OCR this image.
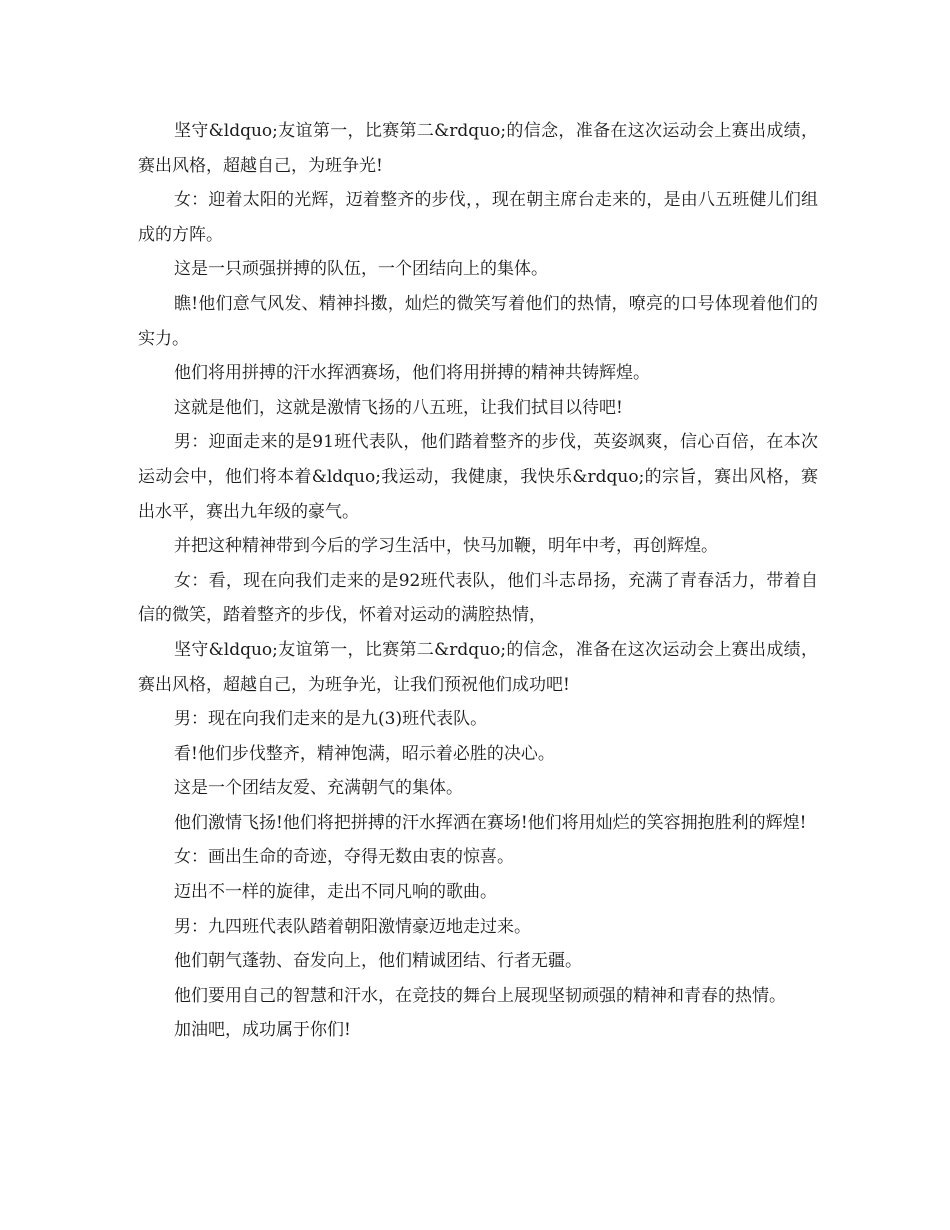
坚守&ldquo;友谊第一，比赛第二&rdquo;的信念，准备在这次运动会上赛出成绩，赛出风格，超越自己，为班争光!

女：迎着太阳的光辉，迈着整齐的步伐，，现在朝主席台走来的，是由八五班健儿们组成的方阵。

这是一只顽强拼搏的队伍，一个团结向上的集体。

瞧!他们意气风发、精神抖擞，灿烂的微笑写着他们的热情，嘹亮的口号体现着他们的实力。

他们将用拼搏的汗水挥洒赛场，他们将用拼搏的精神共铸辉煌。

这就是他们，这就是激情飞扬的八五班，让我们拭目以待吧!

男：迎面走来的是91班代表队，他们踏着整齐的步伐，英姿飒爽，信心百倍，在本次运动会中，他们将本着&ldquo;我运动，我健康，我快乐&rdquo;的宗旨，赛出风格，赛出水平，赛出九年级的豪气。

并把这种精神带到今后的学习生活中，快马加鞭，明年中考，再创辉煌。

女：看，现在向我们走来的是92班代表队，他们斗志昂扬，充满了青春活力，带着自信的微笑，踏着整齐的步伐，怀着对运动的满腔热情，

坚守&ldquo;友谊第一，比赛第二&rdquo;的信念，准备在这次运动会上赛出成绩，赛出风格，超越自己，为班争光，让我们预祝他们成功吧!

男：现在向我们走来的是九(3)班代表队。

看!他们步伐整齐，精神饱满，昭示着必胜的决心。

这是一个团结友爱、充满朝气的集体。

他们激情飞扬!他们将把拼搏的汗水挥洒在赛场!他们将用灿烂的笑容拥抱胜利的辉煌!

女：画出生命的奇迹，夺得无数由衷的惊喜。

迈出不一样的旋律，走出不同凡响的歌曲。

男：九四班代表队踏着朝阳激情豪迈地走过来。

他们朝气蓬勃、奋发向上，他们精诚团结、行者无疆。

他们要用自己的智慧和汗水，在竞技的舞台上展现坚韧顽强的精神和青春的热情。

加油吧，成功属于你们!
